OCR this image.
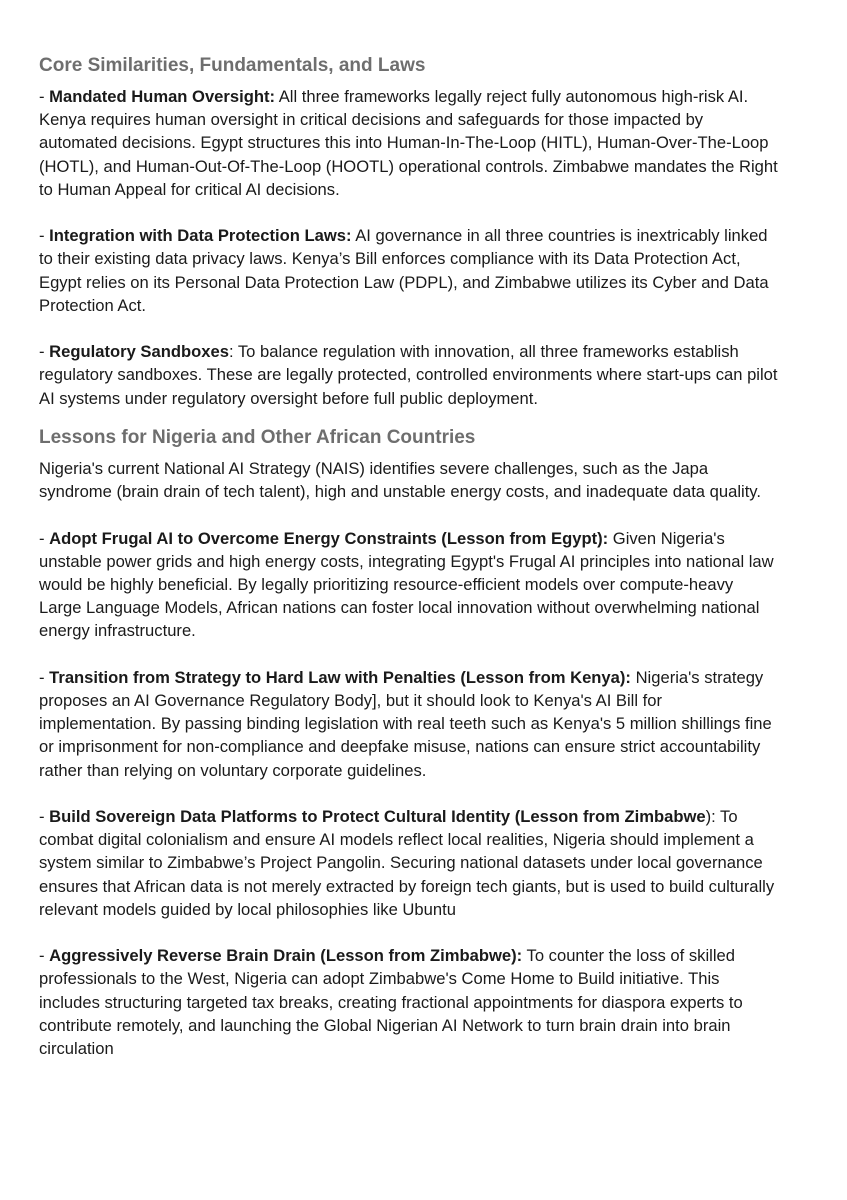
Core Similarities, Fundamentals, and Laws

- Mandated Human Oversight: All three frameworks legally reject fully autonomous high-risk AI. Kenya requires human oversight in critical decisions and safeguards for those impacted by automated decisions. Egypt structures this into Human-In-The-Loop (HITL), Human-Over-The-Loop (HOTL), and Human-Out-Of-The-Loop (HOOTL) operational controls. Zimbabwe mandates the Right to Human Appeal for critical AI decisions.

- Integration with Data Protection Laws: AI governance in all three countries is inextricably linked to their existing data privacy laws. Kenya’s Bill enforces compliance with its Data Protection Act, Egypt relies on its Personal Data Protection Law (PDPL), and Zimbabwe utilizes its Cyber and Data Protection Act.

- Regulatory Sandboxes: To balance regulation with innovation, all three frameworks establish regulatory sandboxes. These are legally protected, controlled environments where start-ups can pilot AI systems under regulatory oversight before full public deployment.

Lessons for Nigeria and Other African Countries

Nigeria's current National AI Strategy (NAIS) identifies severe challenges, such as the Japa syndrome (brain drain of tech talent), high and unstable energy costs, and inadequate data quality.

- Adopt Frugal AI to Overcome Energy Constraints (Lesson from Egypt): Given Nigeria's unstable power grids and high energy costs, integrating Egypt's Frugal AI principles into national law would be highly beneficial. By legally prioritizing resource-efficient models over compute-heavy Large Language Models, African nations can foster local innovation without overwhelming national energy infrastructure.

- Transition from Strategy to Hard Law with Penalties (Lesson from Kenya): Nigeria's strategy proposes an AI Governance Regulatory Body], but it should look to Kenya's AI Bill for implementation. By passing binding legislation with real teeth such as Kenya's 5 million shillings fine or imprisonment for non-compliance and deepfake misuse, nations can ensure strict accountability rather than relying on voluntary corporate guidelines.

- Build Sovereign Data Platforms to Protect Cultural Identity (Lesson from Zimbabwe): To combat digital colonialism and ensure AI models reflect local realities, Nigeria should implement a system similar to Zimbabwe’s Project Pangolin. Securing national datasets under local governance ensures that African data is not merely extracted by foreign tech giants, but is used to build culturally relevant models guided by local philosophies like Ubuntu

- Aggressively Reverse Brain Drain (Lesson from Zimbabwe): To counter the loss of skilled professionals to the West, Nigeria can adopt Zimbabwe's Come Home to Build initiative. This includes structuring targeted tax breaks, creating fractional appointments for diaspora experts to contribute remotely, and launching the Global Nigerian AI Network to turn brain drain into brain circulation
